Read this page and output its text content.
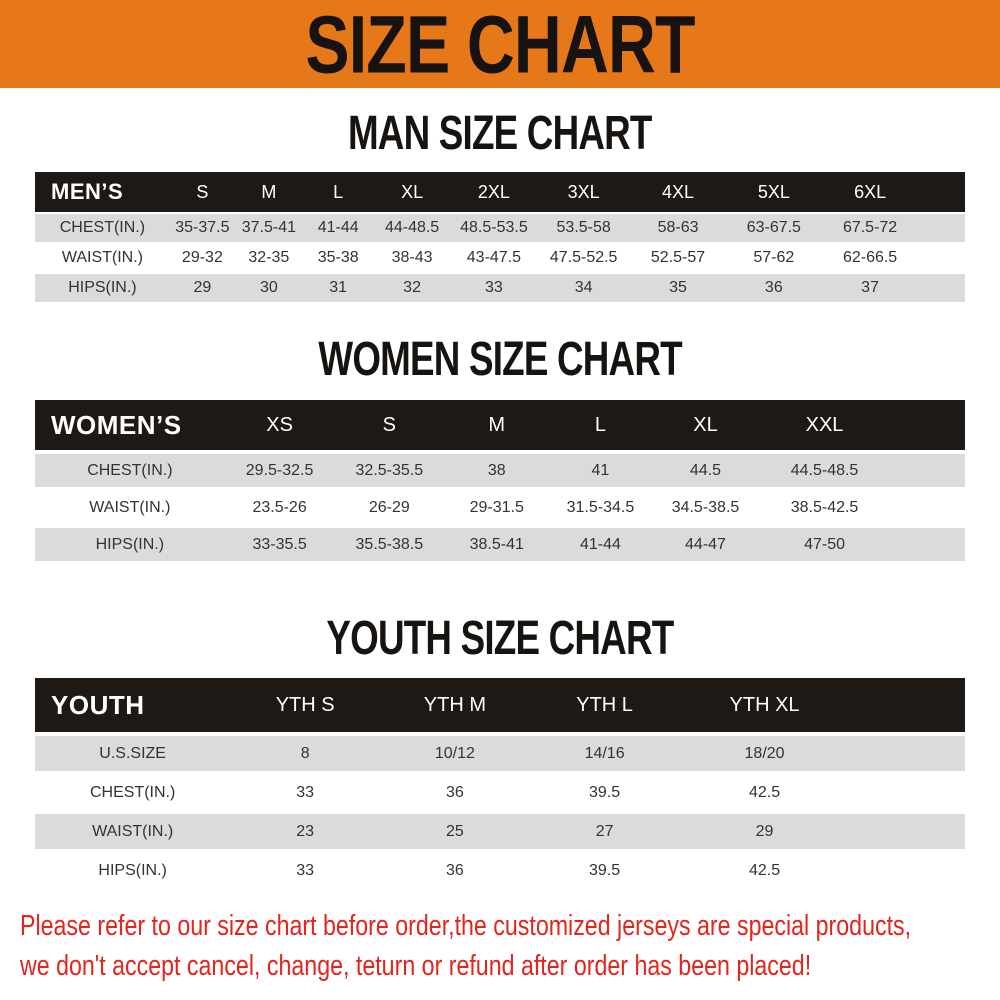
SIZE CHART
MAN SIZE CHART
MEN’S	S	M	L	XL	2XL	3XL	4XL	5XL	6XL
CHEST(IN.) 35-37.5 37.5-41 41-44 44-48.5 48.5-53.5 53.5-58	58-63	63-67.5	67.5-72
WAIST(IN.) 29-32 32-35 35-38 38-43 43-47.5 47.5-52.5 52.5-57	57-62	62-66.5
HIPS(IN.)	29	30	31	32	33	34	35	36	37
WOMEN SIZE CHART
WOMEN’S	XS	S	M	L	XL	XXL
CHEST(IN.)	29.5-32.5	32.5-35.5	38	41	44.5	44.5-48.5
WAIST(IN.)	23.5-26	26-29	29-31.5	31.5-34.5 34.5-38.5	38.5-42.5
HIPS(IN.)	33-35.5	35.5-38.5	38.5-41	41-44	44-47	47-50
YOUTH SIZE CHART
YOUTH	YTH S	YTH M	YTH L	YTH XL
U.S.SIZE	8	10/12	14/16	18/20
CHEST(IN.)	33	36	39.5	42.5
WAIST(IN.)	23	25	27	29
HIPS(IN.)	33	36	39.5	42.5
Please refer to our size chart before order,the customized jerseys are special products,
we don't accept cancel, change, teturn or refund after order has been placed!
